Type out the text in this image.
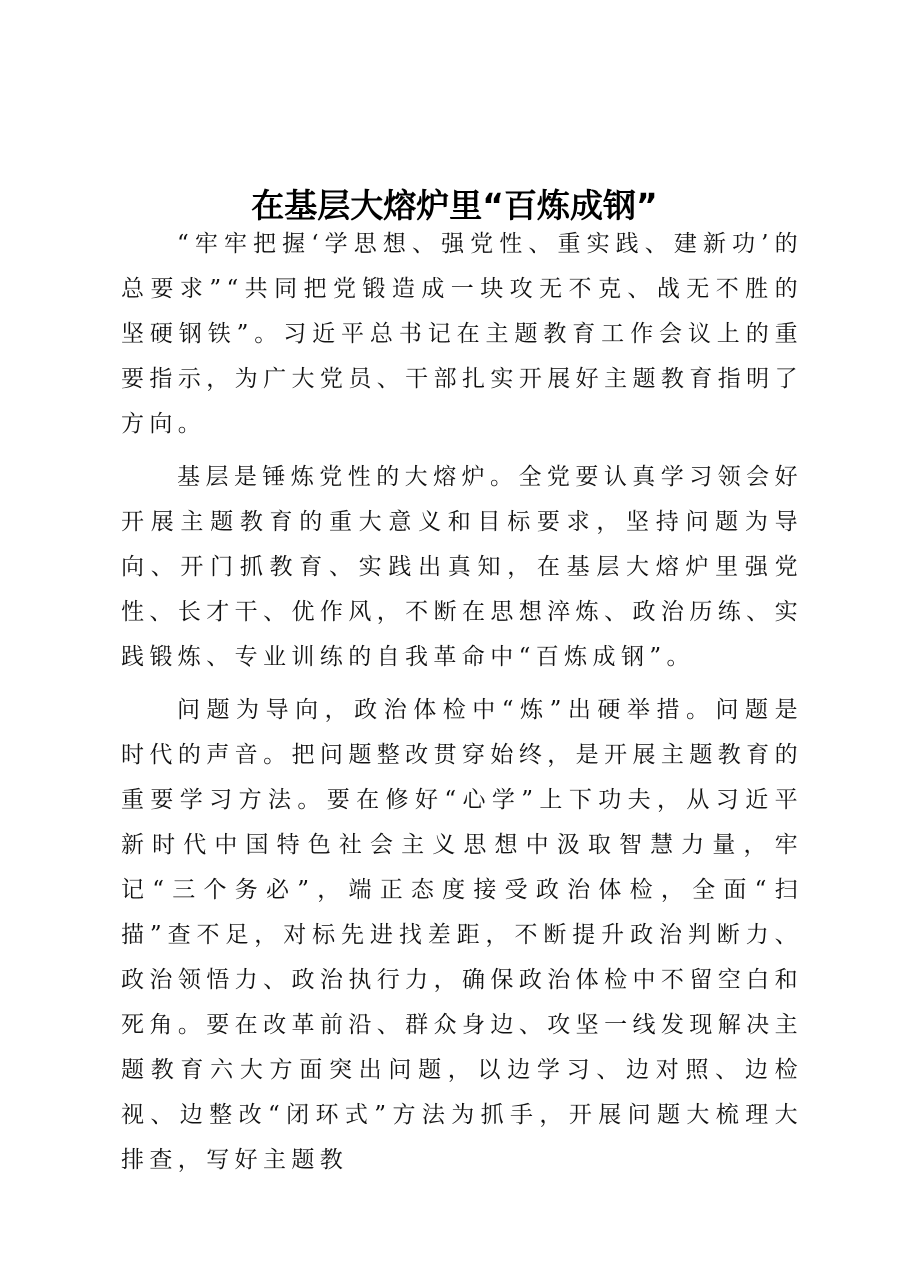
在基层大熔炉里“百炼成钢”

“牢牢把握‘学思想、强党性、重实践、建新功’的总要求”“共同把党锻造成一块攻无不克、战无不胜的坚硬钢铁”。习近平总书记在主题教育工作会议上的重要指示，为广大党员、干部扎实开展好主题教育指明了方向。

基层是锤炼党性的大熔炉。全党要认真学习领会好开展主题教育的重大意义和目标要求，坚持问题为导向、开门抓教育、实践出真知，在基层大熔炉里强党性、长才干、优作风，不断在思想淬炼、政治历练、实践锻炼、专业训练的自我革命中“百炼成钢”。

问题为导向，政治体检中“炼”出硬举措。问题是时代的声音。把问题整改贯穿始终，是开展主题教育的重要学习方法。要在修好“心学”上下功夫，从习近平新时代中国特色社会主义思想中汲取智慧力量，牢记“三个务必”，端正态度接受政治体检，全面“扫描”查不足，对标先进找差距，不断提升政治判断力、政治领悟力、政治执行力，确保政治体检中不留空白和死角。要在改革前沿、群众身边、攻坚一线发现解决主题教育六大方面突出问题，以边学习、边对照、边检视、边整改“闭环式”方法为抓手，开展问题大梳理大排查，写好主题教
